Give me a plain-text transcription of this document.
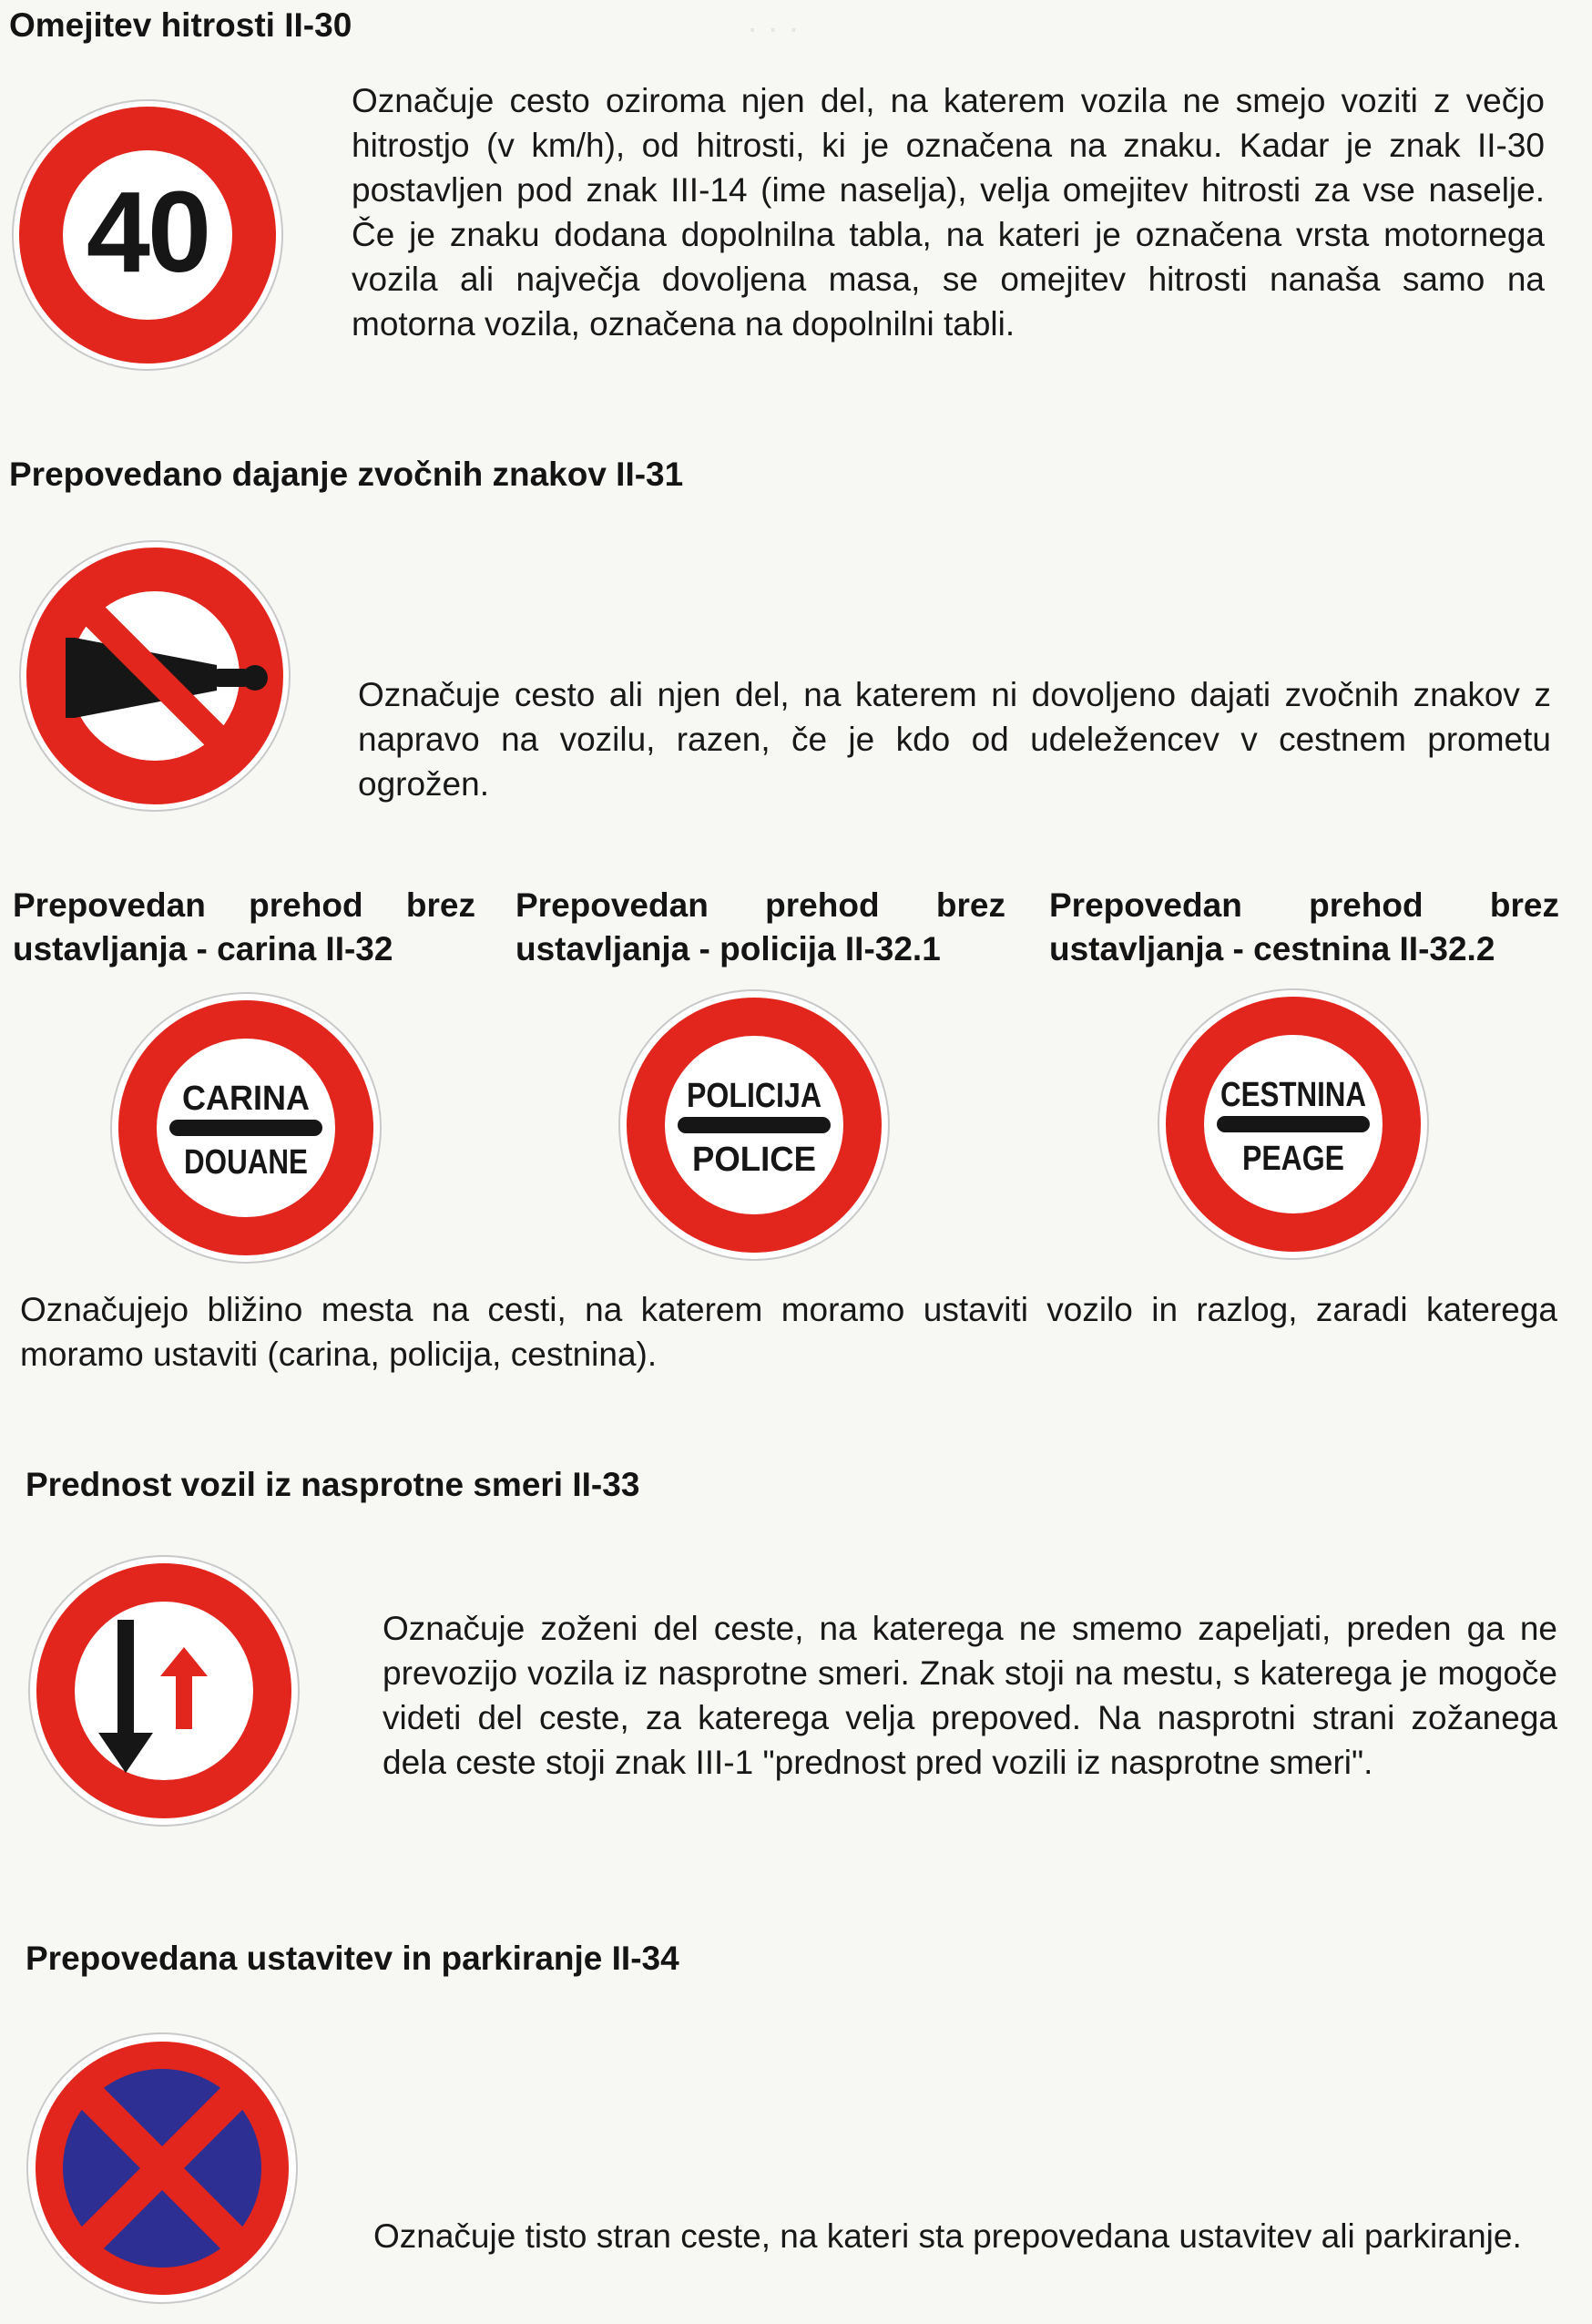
· · ·
Omejitev hitrosti II-30
40

Označuje cesto oziroma njen del, na katerem vozila ne smejo voziti z večjo hitrostjo (v km/h), od hitrosti, ki je označena na znaku. Kadar je znak II-30 postavljen pod znak III-14 (ime naselja), velja omejitev hitrosti za vse naselje. Če je znaku dodana dopolnilna tabla, na kateri je označena vrsta motornega vozila ali največja dovoljena masa, se omejitev hitrosti nanaša samo na motorna vozila, označena na dopolnilni tabli.

Prepovedano dajanje zvočnih znakov II-31

Označuje cesto ali njen del, na katerem ni dovoljeno dajati zvočnih znakov z napravo na vozilu, razen, če je kdo od udeležencev v cestnem prometu ogrožen.

Prepovedan prehod brez ustavljanja - carina II-32
Prepovedan prehod brez ustavljanja - policija II-32.1
Prepovedan prehod brez ustavljanja - cestnina II-32.2
CARINA
DOUANE
POLICIJA
POLICE
CESTNINA
PEAGE

Označujejo bližino mesta na cesti, na katerem moramo ustaviti vozilo in razlog, zaradi katerega moramo ustaviti (carina, policija, cestnina).

Prednost vozil iz nasprotne smeri II-33

Označuje zoženi del ceste, na katerega ne smemo zapeljati, preden ga ne prevozijo vozila iz nasprotne smeri. Znak stoji na mestu, s katerega je mogoče videti del ceste, za katerega velja prepoved. Na nasprotni strani zožanega dela ceste stoji znak III-1 "prednost pred vozili iz nasprotne smeri".

Prepovedana ustavitev in parkiranje II-34

Označuje tisto stran ceste, na kateri sta prepovedana ustavitev ali parkiranje.
